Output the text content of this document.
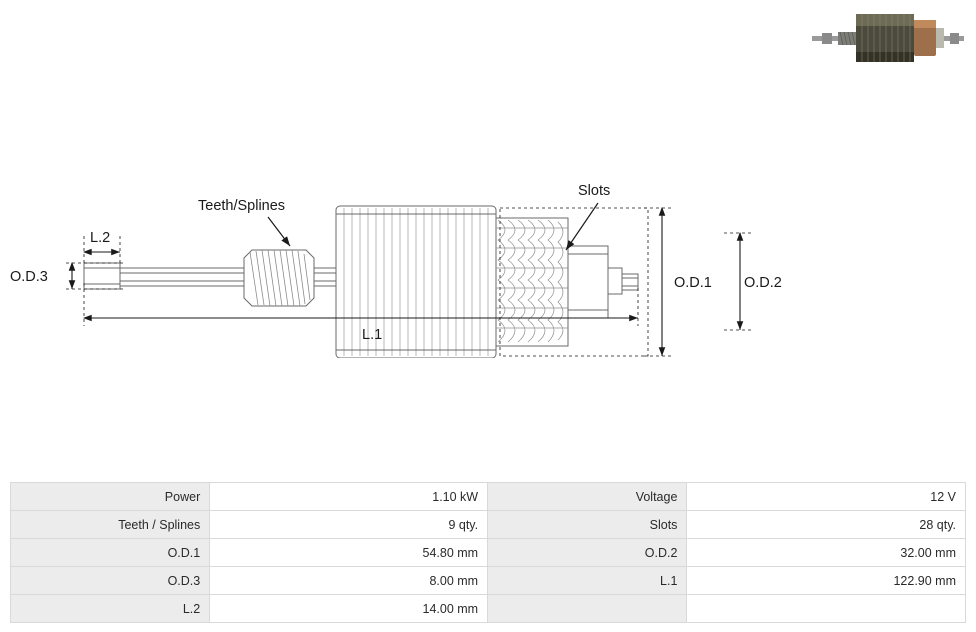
Teeth/Splines
Slots
L.2
O.D.3	O.D.1 O.D.2
L.1
Power	1.10 kW	Voltage	12 V
Teeth / Splines	9 qty.	Slots	28 qty.
O.D.1	54.80 mm	O.D.2	32.00 mm
O.D.3	8.00 mm	L.1	122.90 mm
L.2	14.00 mm		
